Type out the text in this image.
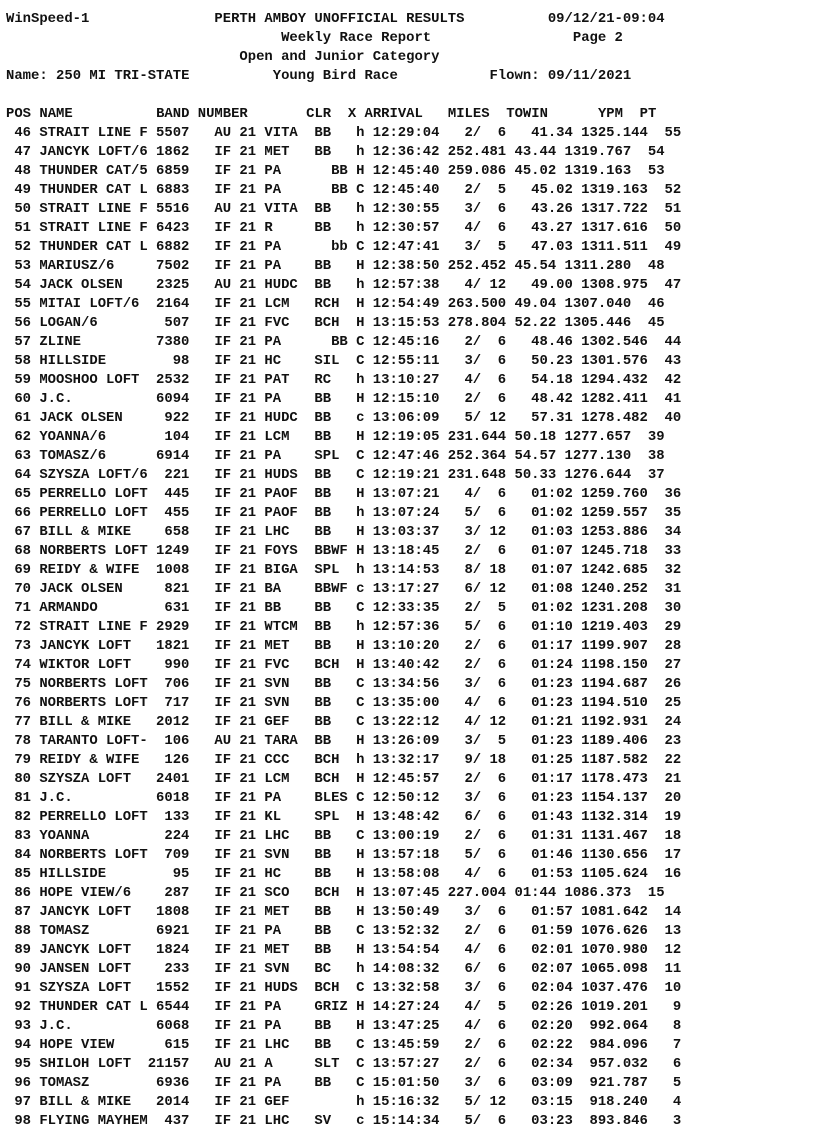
WinSpeed-1	PERTH AMBOY UNOFFICIAL RESULTS	09/12/21-09:04
Weekly Race Report	Page 2
Open and Junior Category
Name: 250 MI TRI-STATE	Young Bird Race	Flown: 09/11/2021

POS NAME	BAND NUMBER	CLR X ARRIVAL MILES TOWIN	YPM PT
46 STRAIT LINE F 5507   AU 21 VITA  BB   h 12:29:04   2/  6   41.34 1325.144  55
47 JANCYK LOFT/6 1862   IF 21 MET   BB   h 12:36:42 252.481 43.44 1319.767  54
48 THUNDER CAT/5 6859   IF 21 PA      BB H 12:45:40 259.086 45.02 1319.163  53
49 THUNDER CAT L 6883   IF 21 PA      BB C 12:45:40   2/  5   45.02 1319.163  52
50 STRAIT LINE F 5516   AU 21 VITA  BB   h 12:30:55   3/  6   43.26 1317.722  51
51 STRAIT LINE F 6423   IF 21 R     BB   h 12:30:57   4/  6   43.27 1317.616  50
52 THUNDER CAT L 6882   IF 21 PA      bb C 12:47:41   3/  5   47.03 1311.511  49
53 MARIUSZ/6     7502   IF 21 PA    BB   H 12:38:50 252.452 45.54 1311.280  48
54 JACK OLSEN    2325   AU 21 HUDC  BB   h 12:57:38   4/ 12   49.00 1308.975  47
55 MITAI LOFT/6  2164   IF 21 LCM   RCH  H 12:54:49 263.500 49.04 1307.040  46
56 LOGAN/6        507   IF 21 FVC   BCH  H 13:15:53 278.804 52.22 1305.446  45
57 ZLINE         7380   IF 21 PA      BB C 12:45:16   2/  6   48.46 1302.546  44
58 HILLSIDE        98   IF 21 HC    SIL  C 12:55:11   3/  6   50.23 1301.576  43
59 MOOSHOO LOFT  2532   IF 21 PAT   RC   h 13:10:27   4/  6   54.18 1294.432  42
60 J.C.          6094   IF 21 PA    BB   H 12:15:10   2/  6   48.42 1282.411  41
61 JACK OLSEN     922   IF 21 HUDC  BB   c 13:06:09   5/ 12   57.31 1278.482  40
62 YOANNA/6       104   IF 21 LCM   BB   H 12:19:05 231.644 50.18 1277.657  39
63 TOMASZ/6      6914   IF 21 PA    SPL  C 12:47:46 252.364 54.57 1277.130  38
64 SZYSZA LOFT/6  221   IF 21 HUDS  BB   C 12:19:21 231.648 50.33 1276.644  37
65 PERRELLO LOFT  445   IF 21 PAOF  BB   H 13:07:21   4/  6   01:02 1259.760  36
66 PERRELLO LOFT  455   IF 21 PAOF  BB   h 13:07:24   5/  6   01:02 1259.557  35
67 BILL & MIKE    658   IF 21 LHC   BB   H 13:03:37   3/ 12   01:03 1253.886  34
68 NORBERTS LOFT 1249   IF 21 FOYS  BBWF H 13:18:45   2/  6   01:07 1245.718  33
69 REIDY & WIFE  1008   IF 21 BIGA  SPL  h 13:14:53   8/ 18   01:07 1242.685  32
70 JACK OLSEN     821   IF 21 BA    BBWF c 13:17:27   6/ 12   01:08 1240.252  31
71 ARMANDO        631   IF 21 BB    BB   C 12:33:35   2/  5   01:02 1231.208  30
72 STRAIT LINE F 2929   IF 21 WTCM  BB   h 12:57:36   5/  6   01:10 1219.403  29
73 JANCYK LOFT   1821   IF 21 MET   BB   H 13:10:20   2/  6   01:17 1199.907  28
74 WIKTOR LOFT    990   IF 21 FVC   BCH  H 13:40:42   2/  6   01:24 1198.150  27
75 NORBERTS LOFT  706   IF 21 SVN   BB   C 13:34:56   3/  6   01:23 1194.687  26
76 NORBERTS LOFT  717   IF 21 SVN   BB   C 13:35:00   4/  6   01:23 1194.510  25
77 BILL & MIKE   2012   IF 21 GEF   BB   C 13:22:12   4/ 12   01:21 1192.931  24
78 TARANTO LOFT-  106   AU 21 TARA  BB   H 13:26:09   3/  5   01:23 1189.406  23
79 REIDY & WIFE   126   IF 21 CCC   BCH  h 13:32:17   9/ 18   01:25 1187.582  22
80 SZYSZA LOFT   2401   IF 21 LCM   BCH  H 12:45:57   2/  6   01:17 1178.473  21
81 J.C.          6018   IF 21 PA    BLES C 12:50:12   3/  6   01:23 1154.137  20
82 PERRELLO LOFT  133   IF 21 KL    SPL  H 13:48:42   6/  6   01:43 1132.314  19
83 YOANNA         224   IF 21 LHC   BB   C 13:00:19   2/  6   01:31 1131.467  18
84 NORBERTS LOFT  709   IF 21 SVN   BB   H 13:57:18   5/  6   01:46 1130.656  17
85 HILLSIDE        95   IF 21 HC    BB   H 13:58:08   4/  6   01:53 1105.624  16
86 HOPE VIEW/6    287   IF 21 SCO   BCH  H 13:07:45 227.004 01:44 1086.373  15
87 JANCYK LOFT   1808   IF 21 MET   BB   H 13:50:49   3/  6   01:57 1081.642  14
88 TOMASZ        6921   IF 21 PA    BB   C 13:52:32   2/  6   01:59 1076.626  13
89 JANCYK LOFT   1824   IF 21 MET   BB   H 13:54:54   4/  6   02:01 1070.980  12
90 JANSEN LOFT    233   IF 21 SVN   BC   h 14:08:32   6/  6   02:07 1065.098  11
91 SZYSZA LOFT   1552   IF 21 HUDS  BCH  C 13:32:58   3/  6   02:04 1037.476  10
92 THUNDER CAT L 6544   IF 21 PA    GRIZ H 14:27:24   4/  5   02:26 1019.201   9
93 J.C.          6068   IF 21 PA    BB   H 13:47:25   4/  6   02:20  992.064   8
94 HOPE VIEW      615   IF 21 LHC   BB   C 13:45:59   2/  6   02:22  984.096   7
95 SHILOH LOFT  21157   AU 21 A     SLT  C 13:57:27   2/  6   02:34  957.032   6
96 TOMASZ        6936   IF 21 PA    BB   C 15:01:50   3/  6   03:09  921.787   5
97 BILL & MIKE   2014   IF 21 GEF        h 15:16:32   5/ 12   03:15  918.240   4
98 FLYING MAYHEM  437   IF 21 LHC   SV   c 15:14:34   5/  6   03:23  893.846   3
